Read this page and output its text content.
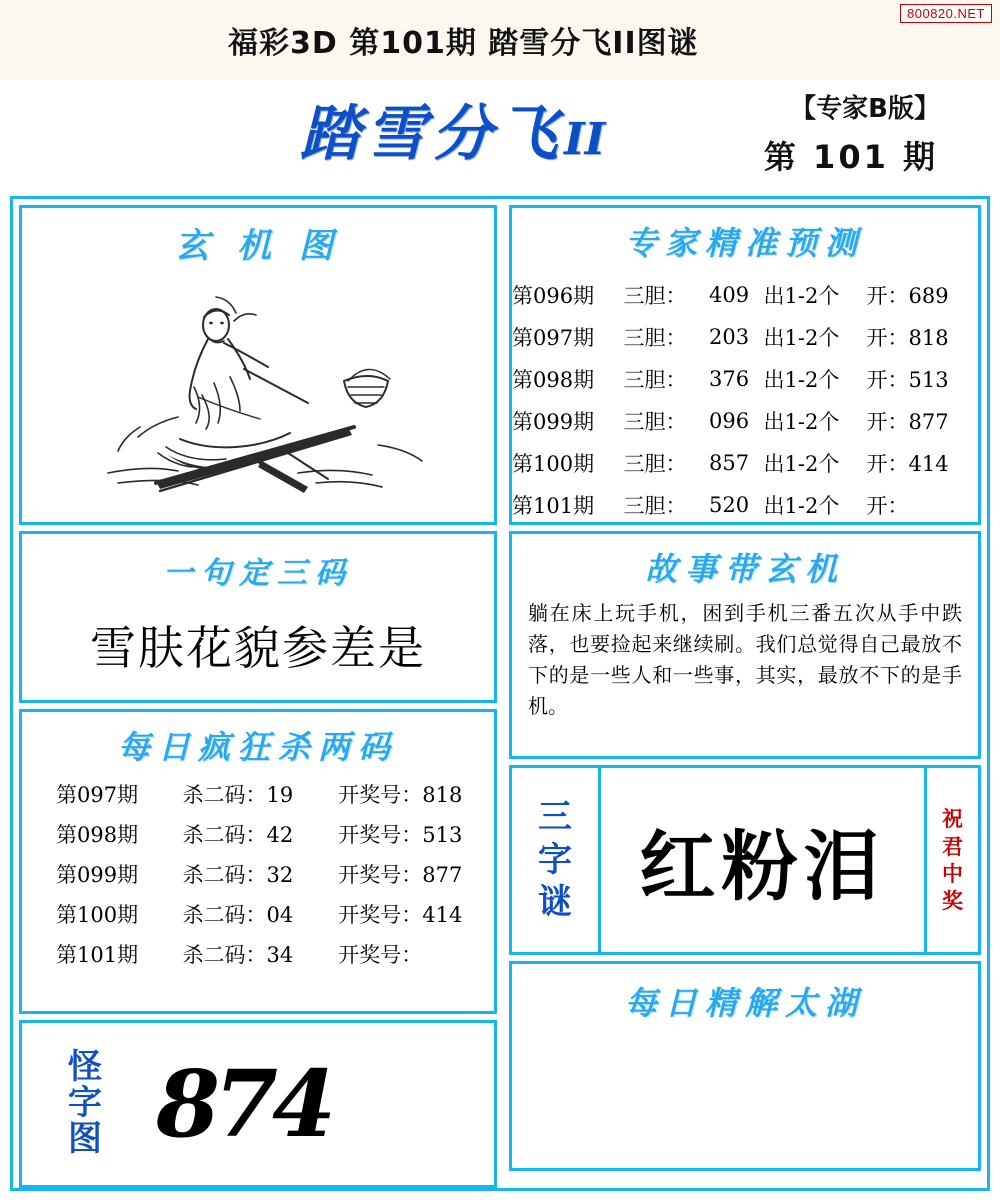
800820.NET
福彩3D 第101期 踏雪分飞II图谜
踏雪分飞II
【专家B版】
第 101 期
玄 机 图
一句定三码
雪肤花貌参差是
每日疯狂杀两码
第097期	杀二码：19	开奖号：818
第098期	杀二码：42	开奖号：513
第099期	杀二码：32	开奖号：877
第100期	杀二码：04	开奖号：414
第101期	杀二码：34	开奖号：
怪
字
图 874
专家精准预测
第096期	三胆：	409	出1-2个	开：689
第097期	三胆：	203	出1-2个	开：818
第098期	三胆：	376	出1-2个	开：513
第099期	三胆：	096	出1-2个	开：877
第100期	三胆：	857	出1-2个	开：414
第101期	三胆：	520	出1-2个	开：
故事带玄机
躺在床上玩手机，困到手机三番五次从手中跌落，也要捡起来继续刷。我们总觉得自己最放不下的是一些人和一些事，其实，最放不下的是手机。
三
字
谜 红粉泪
祝
君
中
奖
每日精解太湖
